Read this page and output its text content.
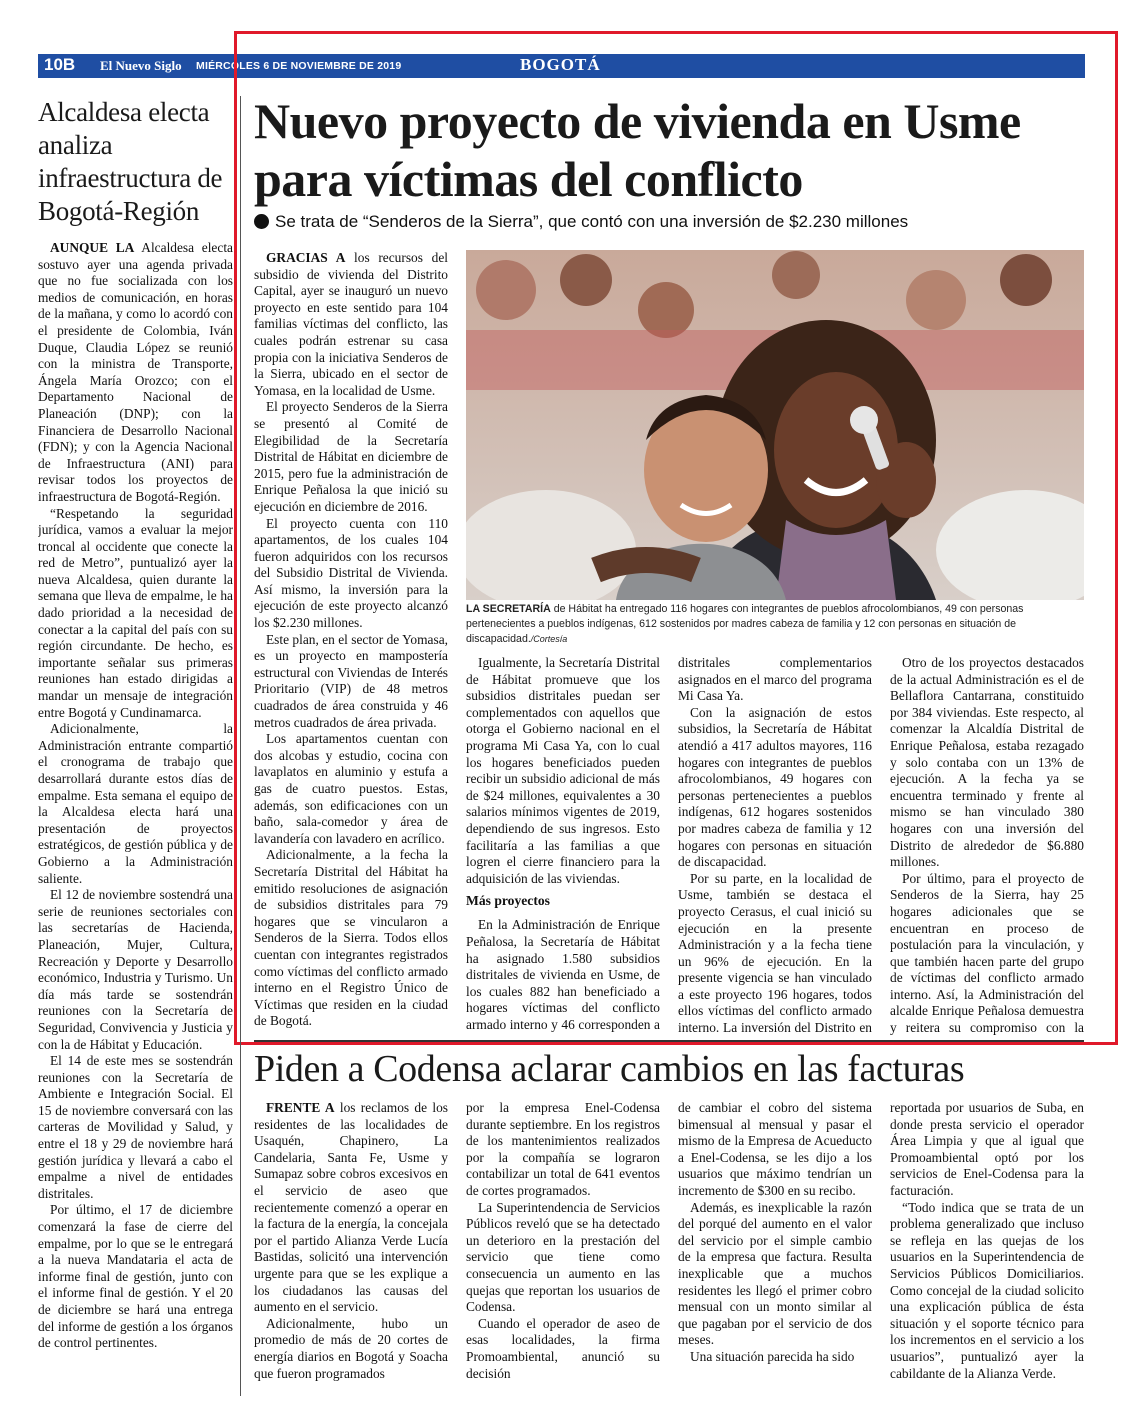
10B El Nuevo Siglo MIÉRCOLES 6 DE NOVIEMBRE DE 2019	BOGOTÁ
Alcaldesa electa analiza infraestructura de Bogotá-Región

AUNQUE LA Alcaldesa electa sostuvo ayer una agenda privada que no fue socializada con los medios de comunicación, en horas de la mañana, y como lo acordó con el presidente de Colombia, Iván Duque, Claudia López se reunió con la ministra de Transporte, Ángela María Orozco; con el Departamento Nacional de Planeación (DNP); con la Financiera de Desarrollo Nacional (FDN); y con la Agencia Nacional de Infraestructura (ANI) para revisar todos los proyectos de infraestructura de Bogotá-Región.

“Respetando la seguridad jurídica, vamos a evaluar la mejor troncal al occidente que conecte la red de Metro”, puntualizó ayer la nueva Alcaldesa, quien durante la semana que lleva de empalme, le ha dado prioridad a la necesidad de conectar a la capital del país con su región circundante. De hecho, es importante señalar sus primeras reuniones han estado dirigidas a mandar un mensaje de integración entre Bogotá y Cundinamarca.

Adicionalmente, la Administración entrante compartió el cronograma de trabajo que desarrollará durante estos días de empalme. Esta semana el equipo de la Alcaldesa electa hará una presentación de proyectos estratégicos, de gestión pública y de Gobierno a la Administración saliente.

El 12 de noviembre sostendrá una serie de reuniones sectoriales con las secretarías de Hacienda, Planeación, Mujer, Cultura, Recreación y Deporte y Desarrollo económico, Industria y Turismo. Un día más tarde se sostendrán reuniones con la Secretaría de Seguridad, Convivencia y Justicia y con la de Hábitat y Educación.

El 14 de este mes se sostendrán reuniones con la Secretaría de Ambiente e Integración Social. El 15 de noviembre conversará con las carteras de Movilidad y Salud, y entre el 18 y 29 de noviembre hará gestión jurídica y llevará a cabo el empalme a nivel de entidades distritales.

Por último, el 17 de diciembre comenzará la fase de cierre del empalme, por lo que se le entregará a la nueva Mandataria el acta de informe final de gestión, junto con el informe final de gestión. Y el 20 de diciembre se hará una entrega del informe de gestión a los órganos de control pertinentes.

Nuevo proyecto de vivienda en Usme para víctimas del conflicto
Se trata de “Senderos de la Sierra”, que contó con una inversión de $2.230 millones

GRACIAS A los recursos del subsidio de vivienda del Distrito Capital, ayer se inauguró un nuevo proyecto en este sentido para 104 familias víctimas del conflicto, las cuales podrán estrenar su casa propia con la iniciativa Senderos de la Sierra, ubicado en el sector de Yomasa, en la localidad de Usme.

El proyecto Senderos de la Sierra se presentó al Comité de Elegibilidad de la Secretaría Distrital de Hábitat en diciembre de 2015, pero fue la administración de Enrique Peñalosa la que inició su ejecución en diciembre de 2016.

El proyecto cuenta con 110 apartamentos, de los cuales 104 fueron adquiridos con los recursos del Subsidio Distrital de Vivienda. Así mismo, la inversión para la ejecución de este proyecto alcanzó los $2.230 millones.

Este plan, en el sector de Yomasa, es un proyecto en mampostería estructural con Viviendas de Interés Prioritario (VIP) de 48 metros cuadrados de área construida y 46 metros cuadrados de área privada.

Los apartamentos cuentan con dos alcobas y estudio, cocina con lavaplatos en aluminio y estufa a gas de cuatro puestos. Estas, además, son edificaciones con un baño, sala-comedor y área de lavandería con lavadero en acrílico.

Adicionalmente, a la fecha la Secretaría Distrital del Hábitat ha emitido resoluciones de asignación de subsidios distritales para 79 hogares que se vincularon a Senderos de la Sierra. Todos ellos cuentan con integrantes registrados como víctimas del conflicto armado interno en el Registro Único de Víctimas que residen en la ciudad de Bogotá.

LA SECRETARÍA de Hábitat ha entregado 116 hogares con integrantes de pueblos afrocolombianos, 49 con personas pertenecientes a pueblos indígenas, 612 sostenidos por madres cabeza de familia y 12 con personas en situación de discapacidad./Cortesía

Igualmente, la Secretaría Distrital de Hábitat promueve que los subsidios distritales puedan ser complementados con aquellos que otorga el Gobierno nacional en el programa Mi Casa Ya, con lo cual los hogares beneficiados pueden recibir un subsidio adicional de más de $24 millones, equivalentes a 30 salarios mínimos vigentes de 2019, dependiendo de sus ingresos. Esto facilitaría a las familias a que logren el cierre financiero para la adquisición de las viviendas.

Más proyectos

En la Administración de Enrique Peñalosa, la Secretaría de Hábitat ha asignado 1.580 subsidios distritales de vivienda en Usme, de los cuales 882 han beneficiado a hogares víctimas del conflicto armado interno y 46 corresponden a

distritales complementarios asignados en el marco del programa Mi Casa Ya.

Con la asignación de estos subsidios, la Secretaría de Hábitat atendió a 417 adultos mayores, 116 hogares con integrantes de pueblos afrocolombianos, 49 hogares con personas pertenecientes a pueblos indígenas, 612 hogares sostenidos por madres cabeza de familia y 12 hogares con personas en situación de discapacidad.

Por su parte, en la localidad de Usme, también se destaca el proyecto Cerasus, el cual inició su ejecución en la presente Administración y a la fecha tiene un 96% de ejecución. En la presente vigencia se han vinculado a este proyecto 196 hogares, todos ellos víctimas del conflicto armado interno. La inversión del Distrito en

Otro de los proyectos destacados de la actual Administración es el de Bellaflora Cantarrana, constituido por 384 viviendas. Este respecto, al comenzar la Alcaldía Distrital de Enrique Peñalosa, estaba rezagado y solo contaba con un 13% de ejecución. A la fecha ya se encuentra terminado y frente al mismo se han vinculado 380 hogares con una inversión del Distrito de alrededor de $6.880 millones.

Por último, para el proyecto de Senderos de la Sierra, hay 25 hogares adicionales que se encuentran en proceso de postulación para la vinculación, y que también hacen parte del grupo de víctimas del conflicto armado interno. Así, la Administración del alcalde Enrique Peñalosa demuestra y reitera su compromiso con la

Piden a Codensa aclarar cambios en las facturas

FRENTE A los reclamos de los residentes de las localidades de Usaquén, Chapinero, La Candelaria, Santa Fe, Usme y Sumapaz sobre cobros excesivos en el servicio de aseo que recientemente comenzó a operar en la factura de la energía, la concejala por el partido Alianza Verde Lucía Bastidas, solicitó una intervención urgente para que se les explique a los ciudadanos las causas del aumento en el servicio.

Adicionalmente, hubo un promedio de más de 20 cortes de energía diarios en Bogotá y Soacha que fueron programados

por la empresa Enel-Codensa durante septiembre. En los registros de los mantenimientos realizados por la compañía se lograron contabilizar un total de 641 eventos de cortes programados.

La Superintendencia de Servicios Públicos reveló que se ha detectado un deterioro en la prestación del servicio que tiene como consecuencia un aumento en las quejas que reportan los usuarios de Codensa.

Cuando el operador de aseo de esas localidades, la firma Promoambiental, anunció su decisión

de cambiar el cobro del sistema bimensual al mensual y pasar el mismo de la Empresa de Acueducto a Enel-Codensa, se les dijo a los usuarios que máximo tendrían un incremento de $300 en su recibo.

Además, es inexplicable la razón del porqué del aumento en el valor del servicio por el simple cambio de la empresa que factura. Resulta inexplicable que a muchos residentes les llegó el primer cobro mensual con un monto similar al que pagaban por el servicio de dos meses.

Una situación parecida ha sido

reportada por usuarios de Suba, en donde presta servicio el operador Área Limpia y que al igual que Promoambiental optó por los servicios de Enel-Codensa para la facturación.

“Todo indica que se trata de un problema generalizado que incluso se refleja en las quejas de los usuarios en la Superintendencia de Servicios Públicos Domiciliarios. Como concejal de la ciudad solicito una explicación pública de ésta situación y el soporte técnico para los incrementos en el servicio a los usuarios”, puntualizó ayer la cabildante de la Alianza Verde.
